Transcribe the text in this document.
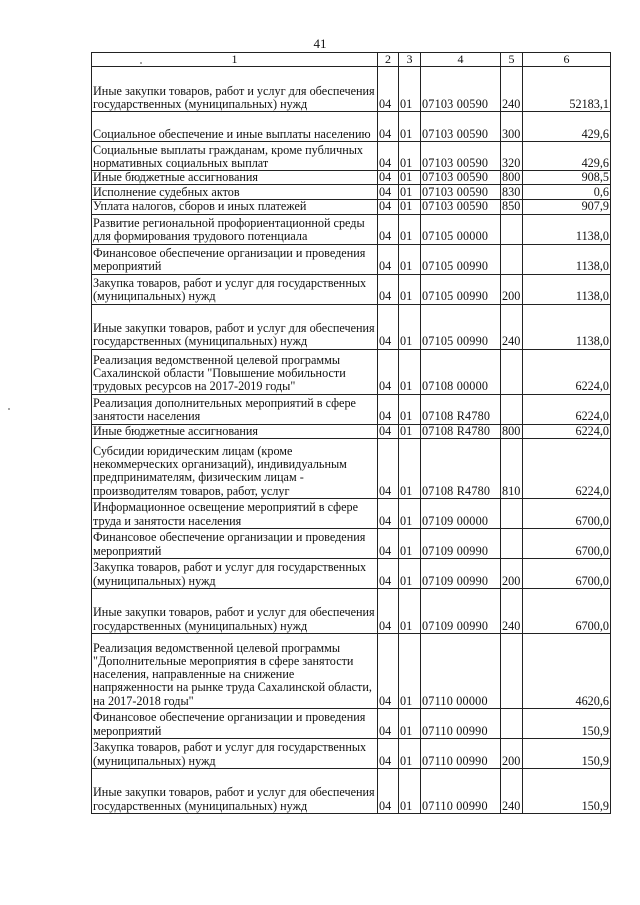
41
1	2	3	4	5	6
Иные закупки товаров, работ и услуг для обеспечения государственных (муниципальных) нужд	04	01	07103 00590	240	52183,1
Социальное обеспечение и иные выплаты населению	04	01	07103 00590	300	429,6
Социальные выплаты гражданам, кроме публичных нормативных социальных выплат	04	01	07103 00590	320	429,6
Иные бюджетные ассигнования	04	01	07103 00590	800	908,5
Исполнение судебных актов	04	01	07103 00590	830	0,6
Уплата налогов, сборов и иных платежей	04	01	07103 00590	850	907,9
Развитие региональной профориентационной среды для формирования трудового потенциала	04	01	07105 00000		1138,0
Финансовое обеспечение организации и проведения мероприятий	04	01	07105 00990		1138,0
Закупка товаров, работ и услуг для государственных (муниципальных) нужд	04	01	07105 00990	200	1138,0
Иные закупки товаров, работ и услуг для обеспечения государственных (муниципальных) нужд	04	01	07105 00990	240	1138,0
Реализация ведомственной целевой программы Сахалинской области "Повышение мобильности трудовых ресурсов на 2017-2019 годы"	04	01	07108 00000		6224,0
Реализация дополнительных мероприятий в сфере занятости населения	04	01	07108 R4780		6224,0
Иные бюджетные ассигнования	04	01	07108 R4780	800	6224,0
Субсидии юридическим лицам (кроме некоммерческих организаций), индивидуальным предпринимателям, физическим лицам - производителям товаров, работ, услуг	04	01	07108 R4780	810	6224,0
Информационное освещение мероприятий в сфере труда и занятости населения	04	01	07109 00000		6700,0
Финансовое обеспечение организации и проведения мероприятий	04	01	07109 00990		6700,0
Закупка товаров, работ и услуг для государственных (муниципальных) нужд	04	01	07109 00990	200	6700,0
Иные закупки товаров, работ и услуг для обеспечения государственных (муниципальных) нужд	04	01	07109 00990	240	6700,0
Реализация ведомственной целевой программы "Дополнительные мероприятия в сфере занятости населения, направленные на снижение напряженности на рынке труда Сахалинской области, на 2017-2018 годы"	04	01	07110 00000		4620,6
Финансовое обеспечение организации и проведения мероприятий	04	01	07110 00990		150,9
Закупка товаров, работ и услуг для государственных (муниципальных) нужд	04	01	07110 00990	200	150,9
Иные закупки товаров, работ и услуг для обеспечения государственных (муниципальных) нужд	04	01	07110 00990	240	150,9
